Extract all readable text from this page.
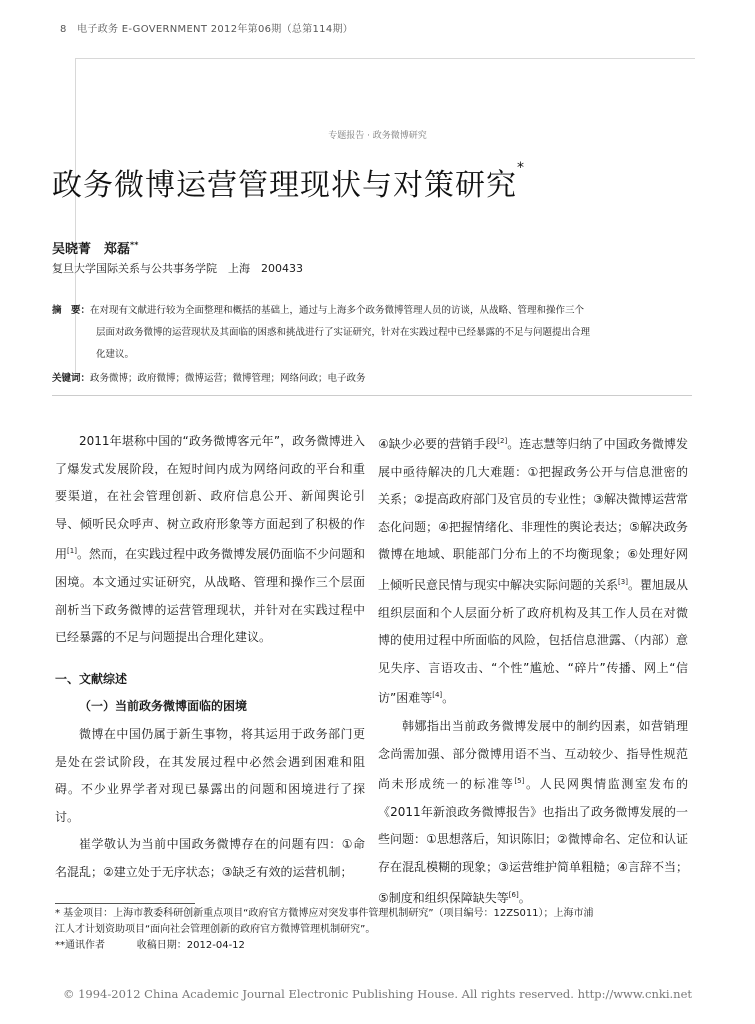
8 电子政务 E-GOVERNMENT 2012年第06期（总第114期）
专题报告 · 政务微博研究
政务微博运营管理现状与对策研究*
吴晓菁　郑磊**
复旦大学国际关系与公共事务学院　上海　200433

摘　要：在对现有文献进行较为全面整理和概括的基础上，通过与上海多个政务微博管理人员的访谈，从战略、管理和操作三个

层面对政务微博的运营现状及其面临的困惑和挑战进行了实证研究，针对在实践过程中已经暴露的不足与问题提出合理

化建议。

关键词：政务微博；政府微博；微博运营；微博管理；网络问政；电子政务

2011年堪称中国的“政务微博客元年”，政务微博进入了爆发式发展阶段，在短时间内成为网络问政的平台和重要渠道，在社会管理创新、政府信息公开、新闻舆论引导、倾听民众呼声、树立政府形象等方面起到了积极的作用[1]。然而，在实践过程中政务微博发展仍面临不少问题和困境。本文通过实证研究，从战略、管理和操作三个层面剖析当下政务微博的运营管理现状，并针对在实践过程中已经暴露的不足与问题提出合理化建议。

一、文献综述
（一）当前政务微博面临的困境

微博在中国仍属于新生事物，将其运用于政务部门更是处在尝试阶段，在其发展过程中必然会遇到困难和阻碍。不少业界学者对现已暴露出的问题和困境进行了探讨。

崔学敬认为当前中国政务微博存在的问题有四：①命名混乱；②建立处于无序状态；③缺乏有效的运营机制；

④缺少必要的营销手段[2]。连志慧等归纳了中国政务微博发展中亟待解决的几大难题：①把握政务公开与信息泄密的关系；②提高政府部门及官员的专业性；③解决微博运营常态化问题；④把握情绪化、非理性的舆论表达；⑤解决政务微博在地域、职能部门分布上的不均衡现象；⑥处理好网上倾听民意民情与现实中解决实际问题的关系[3]。瞿旭晟从组织层面和个人层面分析了政府机构及其工作人员在对微博的使用过程中所面临的风险，包括信息泄露、（内部）意见失序、言语攻击、“个性”尴尬、“碎片”传播、网上“信访”困难等[4]。

韩娜指出当前政务微博发展中的制约因素，如营销理念尚需加强、部分微博用语不当、互动较少、指导性规范尚未形成统一的标准等[5]。人民网舆情监测室发布的《2011年新浪政务微博报告》也指出了政务微博发展的一些问题：①思想落后，知识陈旧；②微博命名、定位和认证存在混乱模糊的现象；③运营维护简单粗糙；④言辞不当；⑤制度和组织保障缺失等[6]。

* 基金项目：上海市教委科研创新重点项目“政府官方微博应对突发事件管理机制研究”（项目编号：12ZS011）；上海市浦

江人才计划资助项目“面向社会管理创新的政府官方微博管理机制研究”。

**通讯作者	收稿日期：2012-04-12

© 1994-2012 China Academic Journal Electronic Publishing House. All rights reserved. http://www.cnki.net
